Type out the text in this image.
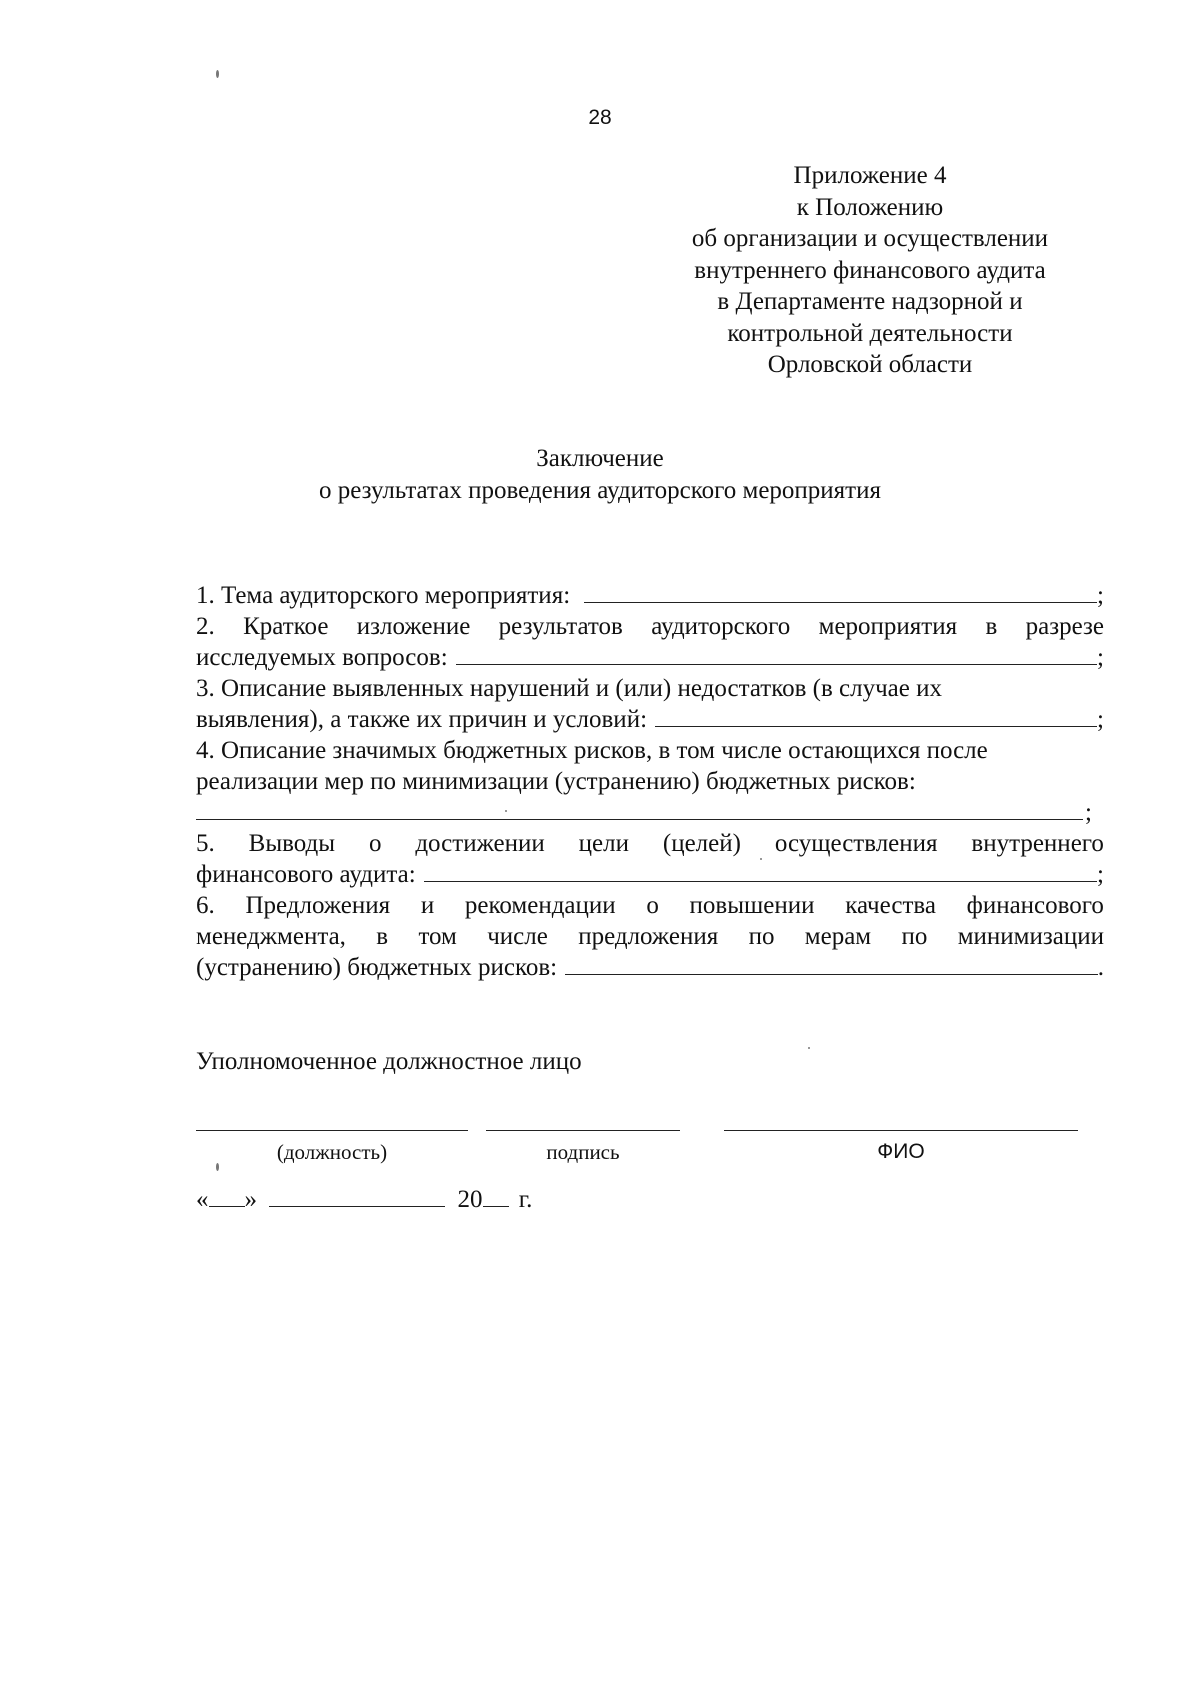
28
Приложение 4
к Положению
об организации и осуществлении
внутреннего финансового аудита
в Департаменте надзорной и
контрольной деятельности
Орловской области
Заключение
о результатах проведения аудиторского мероприятия
1. Тема аудиторского мероприятия:	;
2. Краткое изложение результатов аудиторского мероприятия в разрезе
исследуемых вопросов:	;
3. Описание выявленных нарушений и (или) недостатков (в случае их
выявления), а также их причин и условий:	;
4. Описание значимых бюджетных рисков, в том числе остающихся после
реализации мер по минимизации (устранению) бюджетных рисков:
;
5. Выводы о достижении цели (целей) осуществления внутреннего
финансового аудита:	;
6. Предложения и рекомендации о повышении качества финансового
менеджмента, в том числе предложения по мерам по минимизации
(устранению) бюджетных рисков:	.
Уполномоченное должностное лицо
(должность)	подпись	ФИО
« »	20 г.
